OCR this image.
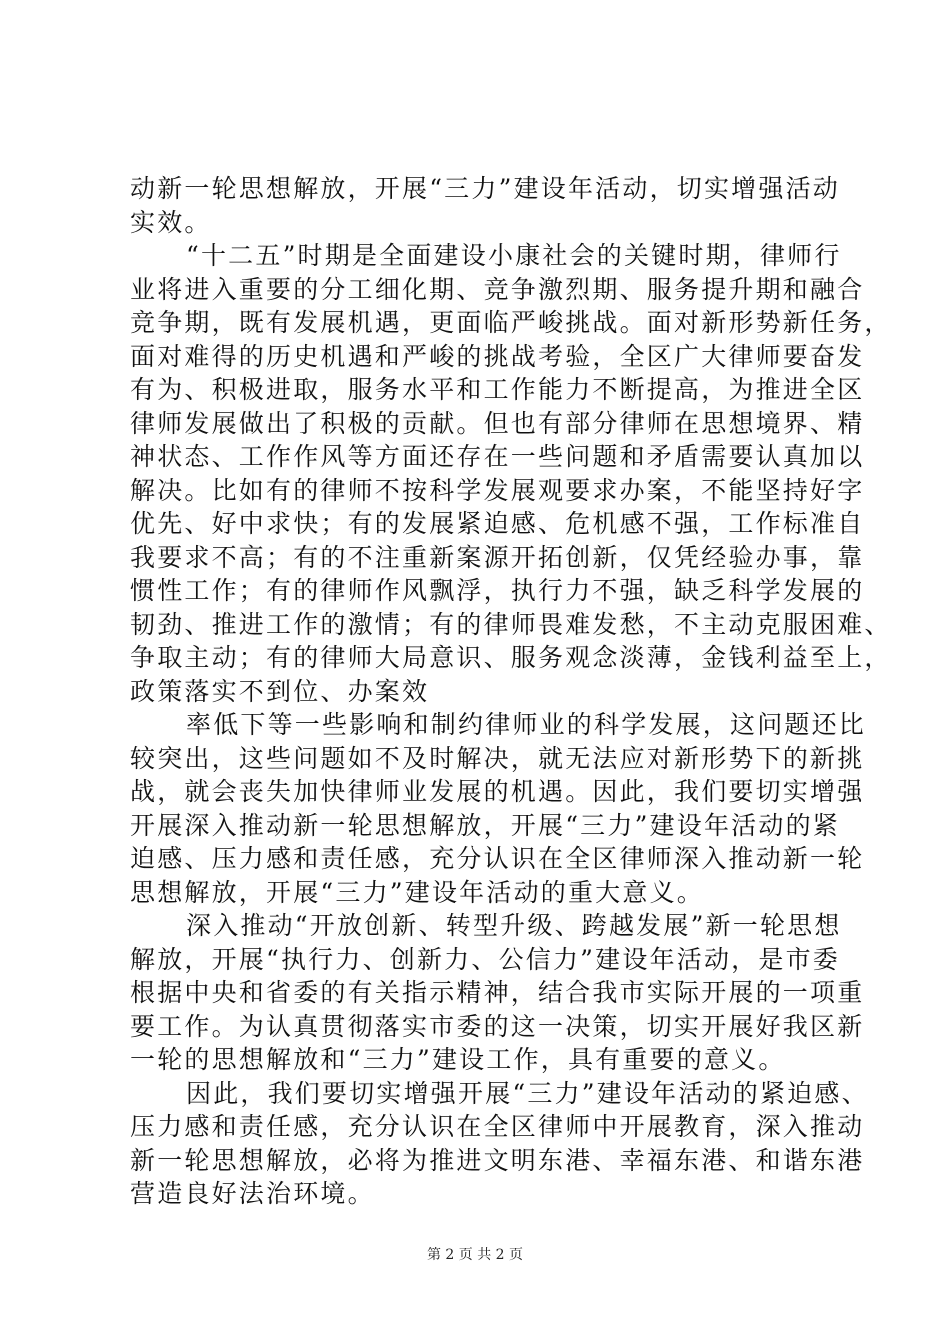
动新一轮思想解放，开展“三力”建设年活动，切实增强活动
实效。
“十二五”时期是全面建设小康社会的关键时期，律师行
业将进入重要的分工细化期、竞争激烈期、服务提升期和融合
竞争期，既有发展机遇，更面临严峻挑战。面对新形势新任务，
面对难得的历史机遇和严峻的挑战考验，全区广大律师要奋发
有为、积极进取，服务水平和工作能力不断提高，为推进全区
律师发展做出了积极的贡献。但也有部分律师在思想境界、精
神状态、工作作风等方面还存在一些问题和矛盾需要认真加以
解决。比如有的律师不按科学发展观要求办案，不能坚持好字
优先、好中求快；有的发展紧迫感、危机感不强，工作标准自
我要求不高；有的不注重新案源开拓创新，仅凭经验办事，靠
惯性工作；有的律师作风飘浮，执行力不强，缺乏科学发展的
韧劲、推进工作的激情；有的律师畏难发愁，不主动克服困难、
争取主动；有的律师大局意识、服务观念淡薄，金钱利益至上，
政策落实不到位、办案效
率低下等一些影响和制约律师业的科学发展，这问题还比
较突出，这些问题如不及时解决，就无法应对新形势下的新挑
战，就会丧失加快律师业发展的机遇。因此，我们要切实增强
开展深入推动新一轮思想解放，开展“三力”建设年活动的紧
迫感、压力感和责任感，充分认识在全区律师深入推动新一轮
思想解放，开展“三力”建设年活动的重大意义。
深入推动“开放创新、转型升级、跨越发展”新一轮思想
解放，开展“执行力、创新力、公信力”建设年活动，是市委
根据中央和省委的有关指示精神，结合我市实际开展的一项重
要工作。为认真贯彻落实市委的这一决策，切实开展好我区新
一轮的思想解放和“三力”建设工作，具有重要的意义。
因此，我们要切实增强开展“三力”建设年活动的紧迫感、
压力感和责任感，充分认识在全区律师中开展教育，深入推动
新一轮思想解放，必将为推进文明东港、幸福东港、和谐东港
营造良好法治环境。
第 2 页 共 2 页
